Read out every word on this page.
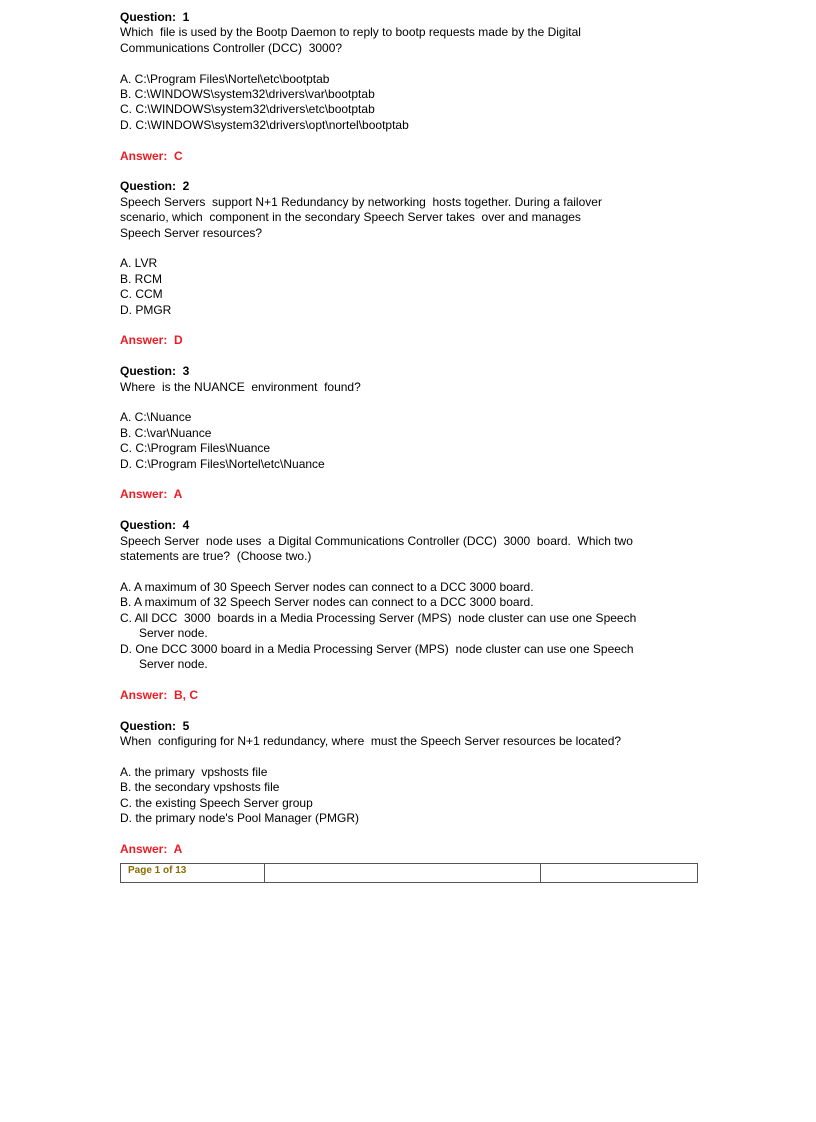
Question:  1
Which  file is used by the Bootp Daemon to reply to bootp requests made by the Digital
Communications Controller (DCC)  3000?
A. C:\Program Files\Nortel\etc\bootptab
B. C:\WINDOWS\system32\drivers\var\bootptab
C. C:\WINDOWS\system32\drivers\etc\bootptab
D. C:\WINDOWS\system32\drivers\opt\nortel\bootptab
Answer:  C
Question:  2
Speech Servers  support N+1 Redundancy by networking  hosts together. During a failover
scenario, which  component in the secondary Speech Server takes  over and manages
Speech Server resources?
A. LVR
B. RCM
C. CCM
D. PMGR
Answer:  D
Question:  3
Where  is the NUANCE  environment  found?
A. C:\Nuance
B. C:\var\Nuance
C. C:\Program Files\Nuance
D. C:\Program Files\Nortel\etc\Nuance
Answer:  A
Question:  4
Speech Server  node uses  a Digital Communications Controller (DCC)  3000  board.  Which two
statements are true?  (Choose two.)
A. A maximum of 30 Speech Server nodes can connect to a DCC 3000 board.
B. A maximum of 32 Speech Server nodes can connect to a DCC 3000 board.
C. All DCC  3000  boards in a Media Processing Server (MPS)  node cluster can use one Speech
Server node.
D. One DCC 3000 board in a Media Processing Server (MPS)  node cluster can use one Speech
Server node.
Answer:  B, C
Question:  5
When  configuring for N+1 redundancy, where  must the Speech Server resources be located?
A. the primary  vpshosts file
B. the secondary vpshosts file
C. the existing Speech Server group
D. the primary node's Pool Manager (PMGR)
Answer:  A
Page 1 of 13
